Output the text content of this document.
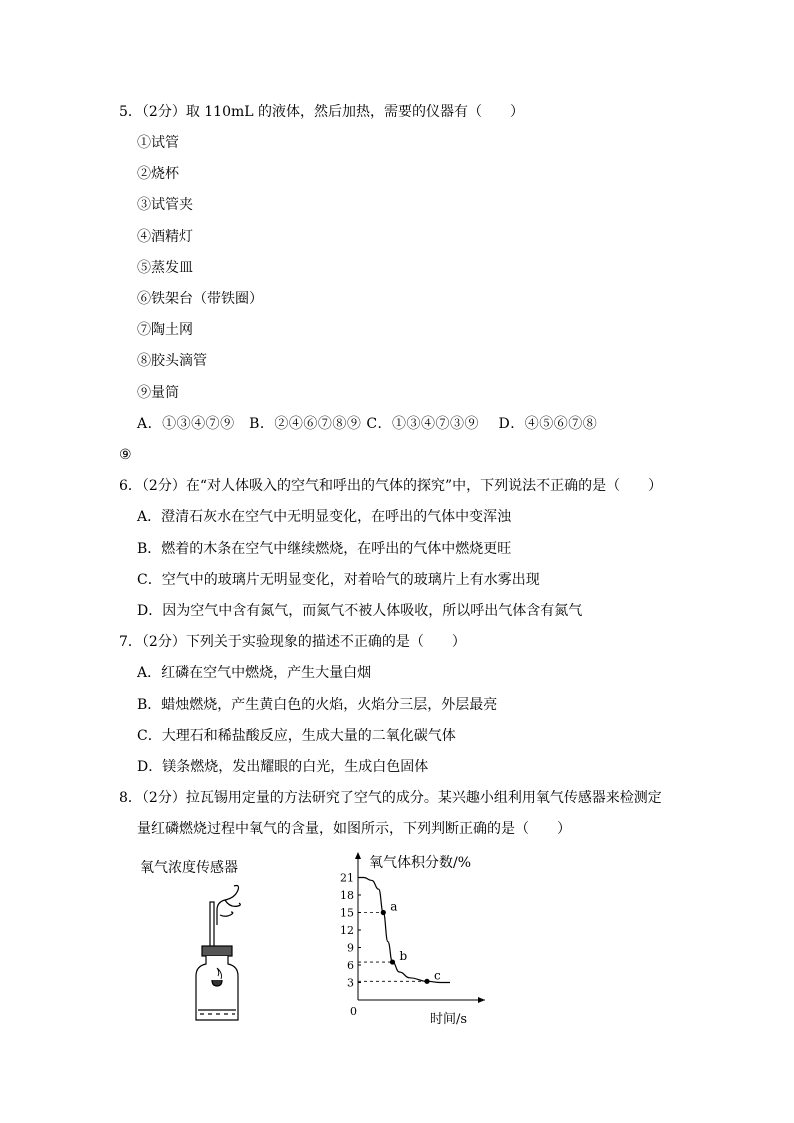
5．（2分）取 110mL 的液体，然后加热，需要的仪器有（　　）
①试管
②烧杯
③试管夹
④酒精灯
⑤蒸发皿
⑥铁架台（带铁圈）
⑦陶土网
⑧胶头滴管
⑨量筒
A．①③④⑦⑨　B．②④⑥⑦⑧⑨ C．①③④⑦③⑨　 D．④⑤⑥⑦⑧
⑨
6．（2分）在“对人体吸入的空气和呼出的气体的探究”中，下列说法不正确的是（　　）
A．澄清石灰水在空气中无明显变化，在呼出的气体中变浑浊
B．燃着的木条在空气中继续燃烧，在呼出的气体中燃烧更旺
C．空气中的玻璃片无明显变化，对着哈气的玻璃片上有水雾出现
D．因为空气中含有氮气，而氮气不被人体吸收，所以呼出气体含有氮气
7．（2分）下列关于实验现象的描述不正确的是（　　）
A．红磷在空气中燃烧，产生大量白烟
B．蜡烛燃烧，产生黄白色的火焰，火焰分三层，外层最亮
C．大理石和稀盐酸反应，生成大量的二氧化碳气体
D．镁条燃烧，发出耀眼的白光，生成白色固体
8．（2分）拉瓦锡用定量的方法研究了空气的成分。某兴趣小组利用氧气传感器来检测定
量红磷燃烧过程中氧气的含量，如图所示，下列判断正确的是（　　）
氧气浓度传感器	氧气体积分数/%
时间/s
0
3
6
9
12
15
18
21
a
b
c
